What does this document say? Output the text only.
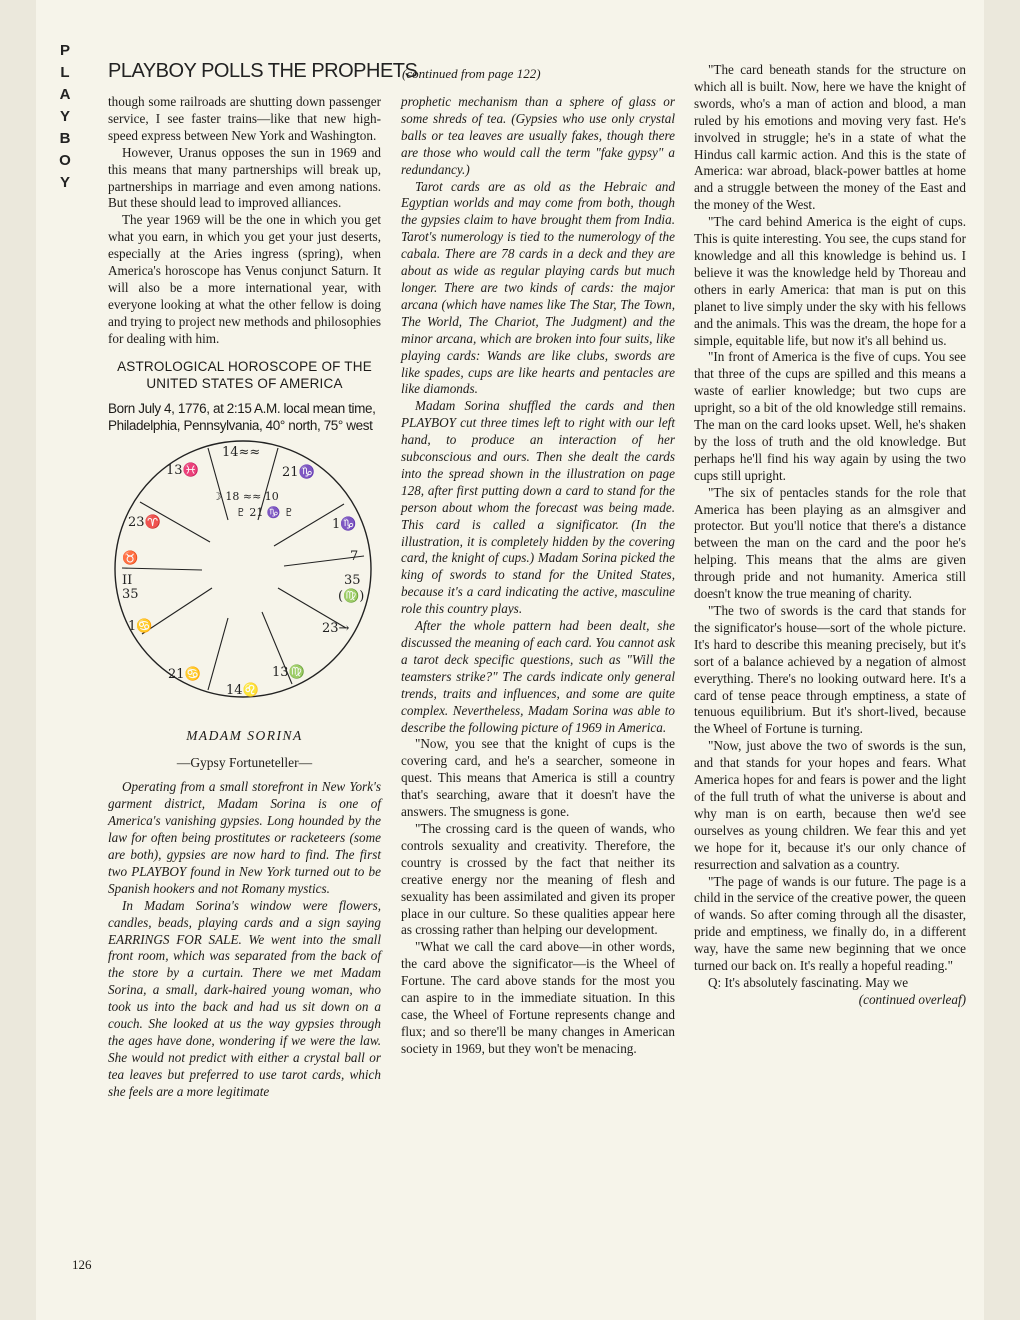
P
L
A
Y
B
O
Y
PLAYBOY POLLS THE PROPHETS
(continued from page 122)

though some railroads are shutting down passenger service, I see faster trains—like that new high-speed express between New York and Washington.

However, Uranus opposes the sun in 1969 and this means that many partnerships will break up, partnerships in marriage and even among nations. But these should lead to improved alliances.

The year 1969 will be the one in which you get what you earn, in which you get your just deserts, especially at the Aries ingress (spring), when America's horoscope has Venus conjunct Saturn. It will also be a more international year, with everyone looking at what the other fellow is doing and trying to project new methods and philosophies for dealing with him.

ASTROLOGICAL HOROSCOPE OF THE UNITED STATES OF AMERICA
Born July 4, 1776, at 2:15 A.M. local mean time, Philadelphia, Pennsylvania, 40° north, 75° west
14≈≈
21♑
1♑
7
35
(♍)
23→
13♍
14♌
21♋
1♋
13♓
23♈
♉
II
35
☽ 18 ≈≈ 10
♇ 21 ♑ ♇
MADAM SORINA
—Gypsy Fortuneteller—

Operating from a small storefront in New York's garment district, Madam Sorina is one of America's vanishing gypsies. Long hounded by the law for often being prostitutes or racketeers (some are both), gypsies are now hard to find. The first two PLAYBOY found in New York turned out to be Spanish hookers and not Romany mystics.

In Madam Sorina's window were flowers, candles, beads, playing cards and a sign saying EARRINGS FOR SALE. We went into the small front room, which was separated from the back of the store by a curtain. There we met Madam Sorina, a small, dark-haired young woman, who took us into the back and had us sit down on a couch. She looked at us the way gypsies through the ages have done, wondering if we were the law. She would not predict with either a crystal ball or tea leaves but preferred to use tarot cards, which she feels are a more legitimate

prophetic mechanism than a sphere of glass or some shreds of tea. (Gypsies who use only crystal balls or tea leaves are usually fakes, though there are those who would call the term "fake gypsy" a redundancy.)

Tarot cards are as old as the Hebraic and Egyptian worlds and may come from both, though the gypsies claim to have brought them from India. Tarot's numerology is tied to the numerology of the cabala. There are 78 cards in a deck and they are about as wide as regular playing cards but much longer. There are two kinds of cards: the major arcana (which have names like The Star, The Town, The World, The Chariot, The Judgment) and the minor arcana, which are broken into four suits, like playing cards: Wands are like clubs, swords are like spades, cups are like hearts and pentacles are like diamonds.

Madam Sorina shuffled the cards and then PLAYBOY cut three times left to right with our left hand, to produce an interaction of her subconscious and ours. Then she dealt the cards into the spread shown in the illustration on page 128, after first putting down a card to stand for the person about whom the forecast was being made. This card is called a significator. (In the illustration, it is completely hidden by the covering card, the knight of cups.) Madam Sorina picked the king of swords to stand for the United States, because it's a card indicating the active, masculine role this country plays.

After the whole pattern had been dealt, she discussed the meaning of each card. You cannot ask a tarot deck specific questions, such as "Will the teamsters strike?" The cards indicate only general trends, traits and influences, and some are quite complex. Nevertheless, Madam Sorina was able to describe the following picture of 1969 in America.

"Now, you see that the knight of cups is the covering card, and he's a searcher, someone in quest. This means that America is still a country that's searching, aware that it doesn't have the answers. The smugness is gone.

"The crossing card is the queen of wands, who controls sexuality and creativity. Therefore, the country is crossed by the fact that neither its creative energy nor the meaning of flesh and sexuality has been assimilated and given its proper place in our culture. So these qualities appear here as crossing rather than helping our development.

"What we call the card above—in other words, the card above the significator—is the Wheel of Fortune. The card above stands for the most you can aspire to in the immediate situation. In this case, the Wheel of Fortune represents change and flux; and so there'll be many changes in American society in 1969, but they won't be menacing.

"The card beneath stands for the structure on which all is built. Now, here we have the knight of swords, who's a man of action and blood, a man ruled by his emotions and moving very fast. He's involved in struggle; he's in a state of what the Hindus call karmic action. And this is the state of America: war abroad, black-power battles at home and a struggle between the money of the East and the money of the West.

"The card behind America is the eight of cups. This is quite interesting. You see, the cups stand for knowledge and all this knowledge is behind us. I believe it was the knowledge held by Thoreau and others in early America: that man is put on this planet to live simply under the sky with his fellows and the animals. This was the dream, the hope for a simple, equitable life, but now it's all behind us.

"In front of America is the five of cups. You see that three of the cups are spilled and this means a waste of earlier knowledge; but two cups are upright, so a bit of the old knowledge still remains. The man on the card looks upset. Well, he's shaken by the loss of truth and the old knowledge. But perhaps he'll find his way again by using the two cups still upright.

"The six of pentacles stands for the role that America has been playing as an almsgiver and protector. But you'll notice that there's a distance between the man on the card and the poor he's helping. This means that the alms are given through pride and not humanity. America still doesn't know the true meaning of charity.

"The two of swords is the card that stands for the significator's house—sort of the whole picture. It's hard to describe this meaning precisely, but it's sort of a balance achieved by a negation of almost everything. There's no looking outward here. It's a card of tense peace through emptiness, a state of tenuous equilibrium. But it's short-lived, because the Wheel of Fortune is turning.

"Now, just above the two of swords is the sun, and that stands for your hopes and fears. What America hopes for and fears is power and the light of the full truth of what the universe is about and why man is on earth, because then we'd see ourselves as young children. We fear this and yet we hope for it, because it's our only chance of resurrection and salvation as a country.

"The page of wands is our future. The page is a child in the service of the creative power, the queen of wands. So after coming through all the disaster, pride and emptiness, we finally do, in a different way, have the same new beginning that we once turned our back on. It's really a hopeful reading."

Q: It's absolutely fascinating. May we

(continued overleaf)
126
